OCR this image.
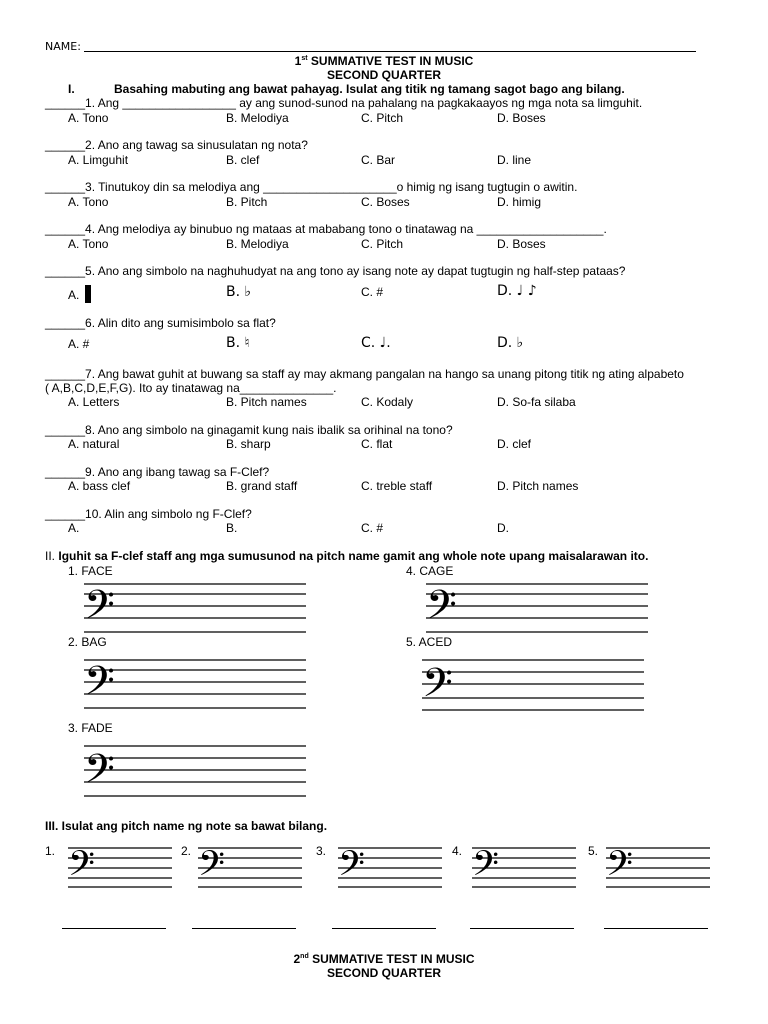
NAME:
1st SUMMATIVE TEST IN MUSIC
SECOND QUARTER
I.	Basahing mabuting ang bawat pahayag. Isulat ang titik ng tamang sagot bago ang bilang.
______1. Ang _________________ ay ang sunod-sunod na pahalang na pagkakaayos ng mga nota sa limguhit.
A. Tono	B. Melodiya	C. Pitch	D. Boses
______2. Ano ang tawag sa sinusulatan ng nota?
A. Limguhit	B. clef	C. Bar	D. line
______3. Tinutukoy din sa melodiya ang ____________________o himig ng isang tugtugin o awitin.
A. Tono	B. Pitch	C. Boses	D. himig
______4. Ang melodiya ay binubuo ng mataas at mababang tono o tinatawag na ___________________.
A. Tono	B. Melodiya	C. Pitch	D. Boses
______5. Ano ang simbolo na naghuhudyat na ang tono ay isang note ay dapat tugtugin ng half-step pataas?
A.	B. ♭	C. #	D. ♩ ♪
______6. Alin dito ang sumisimbolo sa flat?
A. #	B. ♮	C. ♩.	D. ♭
______7. Ang bawat guhit at buwang sa staff ay may akmang pangalan na hango sa unang pitong titik ng ating alpabeto
( A,B,C,D,E,F,G). Ito ay tinatawag na______________.
A. Letters	B. Pitch names	C. Kodaly	D. So-fa silaba
______8. Ano ang simbolo na ginagamit kung nais ibalik sa orihinal na tono?
A. natural	B. sharp	C. flat	D. clef
______9. Ano ang ibang tawag sa F-Clef?
A. bass clef	B. grand staff	C. treble staff	D. Pitch names
______10. Alin ang simbolo ng F-Clef?
A.	B.	C. #	D.
II. Iguhit sa F-clef staff ang mga sumusunod na pitch name gamit ang whole note upang maisalarawan ito.
1. FACE	4. CAGE
2. BAG	5. ACED
3. FADE
𝄢	𝄢
𝄢	𝄢
𝄢
III. Isulat ang pitch name ng note sa bawat bilang.
1. 𝄢	2. 𝄢	3. 𝄢	4. 𝄢	5. 𝄢
2nd SUMMATIVE TEST IN MUSIC
SECOND QUARTER
